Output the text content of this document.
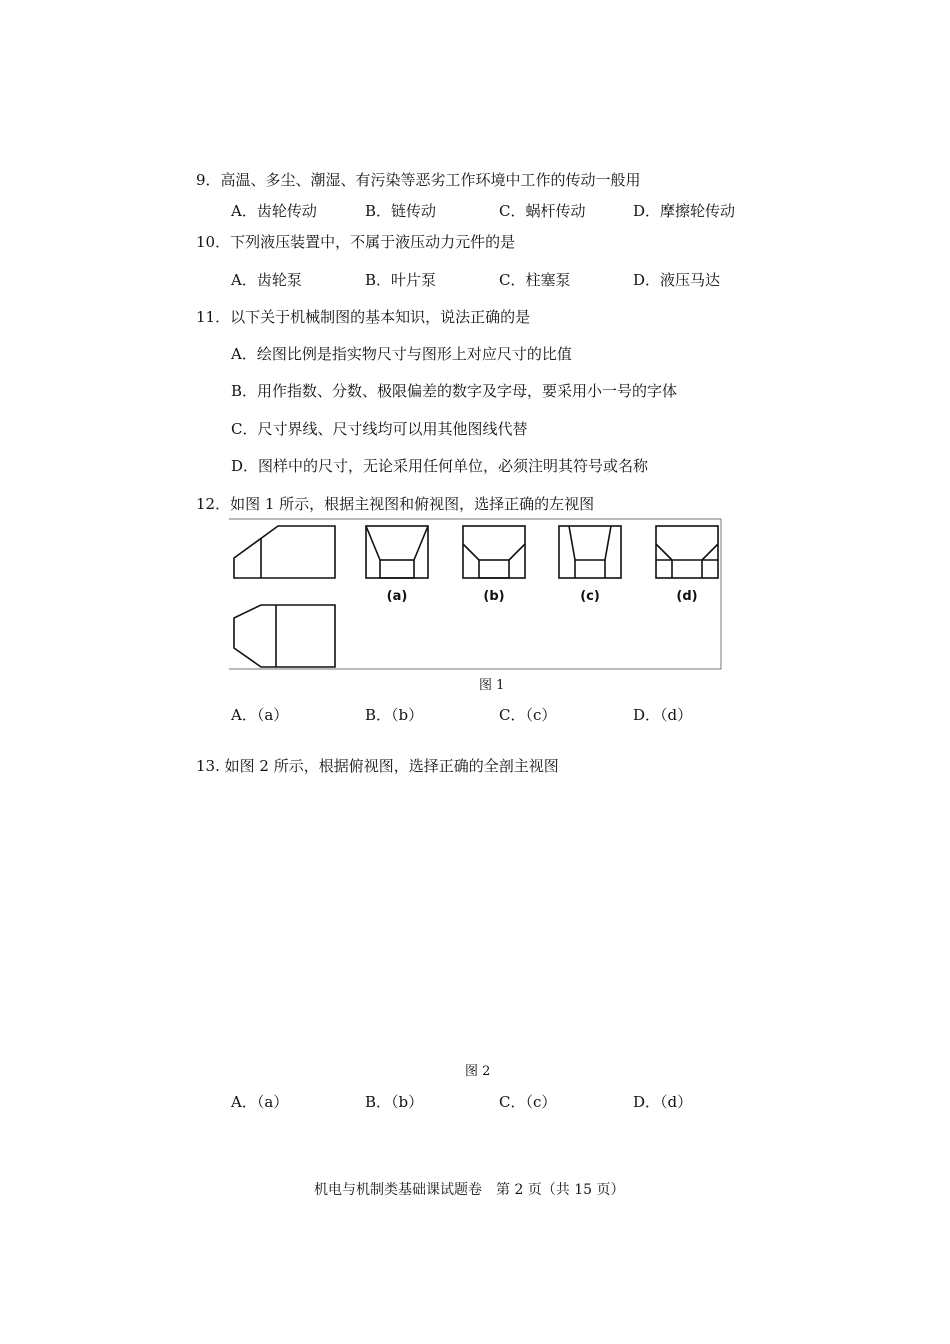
9．高温、多尘、潮湿、有污染等恶劣工作环境中工作的传动一般用
A．齿轮传动	B．链传动	C．蜗杆传动	D．摩擦轮传动
10．下列液压装置中，不属于液压动力元件的是
A．齿轮泵	B．叶片泵	C．柱塞泵	D．液压马达
11．以下关于机械制图的基本知识，说法正确的是
A．绘图比例是指实物尺寸与图形上对应尺寸的比值
B．用作指数、分数、极限偏差的数字及字母，要采用小一号的字体
C．尺寸界线、尺寸线均可以用其他图线代替
D．图样中的尺寸，无论采用任何单位，必须注明其符号或名称
12．如图 1 所示，根据主视图和俯视图，选择正确的左视图
(a)	(b)	(c)	(d)
图 1
A．（a）	B．（b）	C．（c）	D．（d）
13. 如图 2 所示，根据俯视图，选择正确的全剖主视图
图 2
A．（a）	B．（b）	C．（c）	D．（d）
机电与机制类基础课试题卷　第 2 页（共 15 页）
